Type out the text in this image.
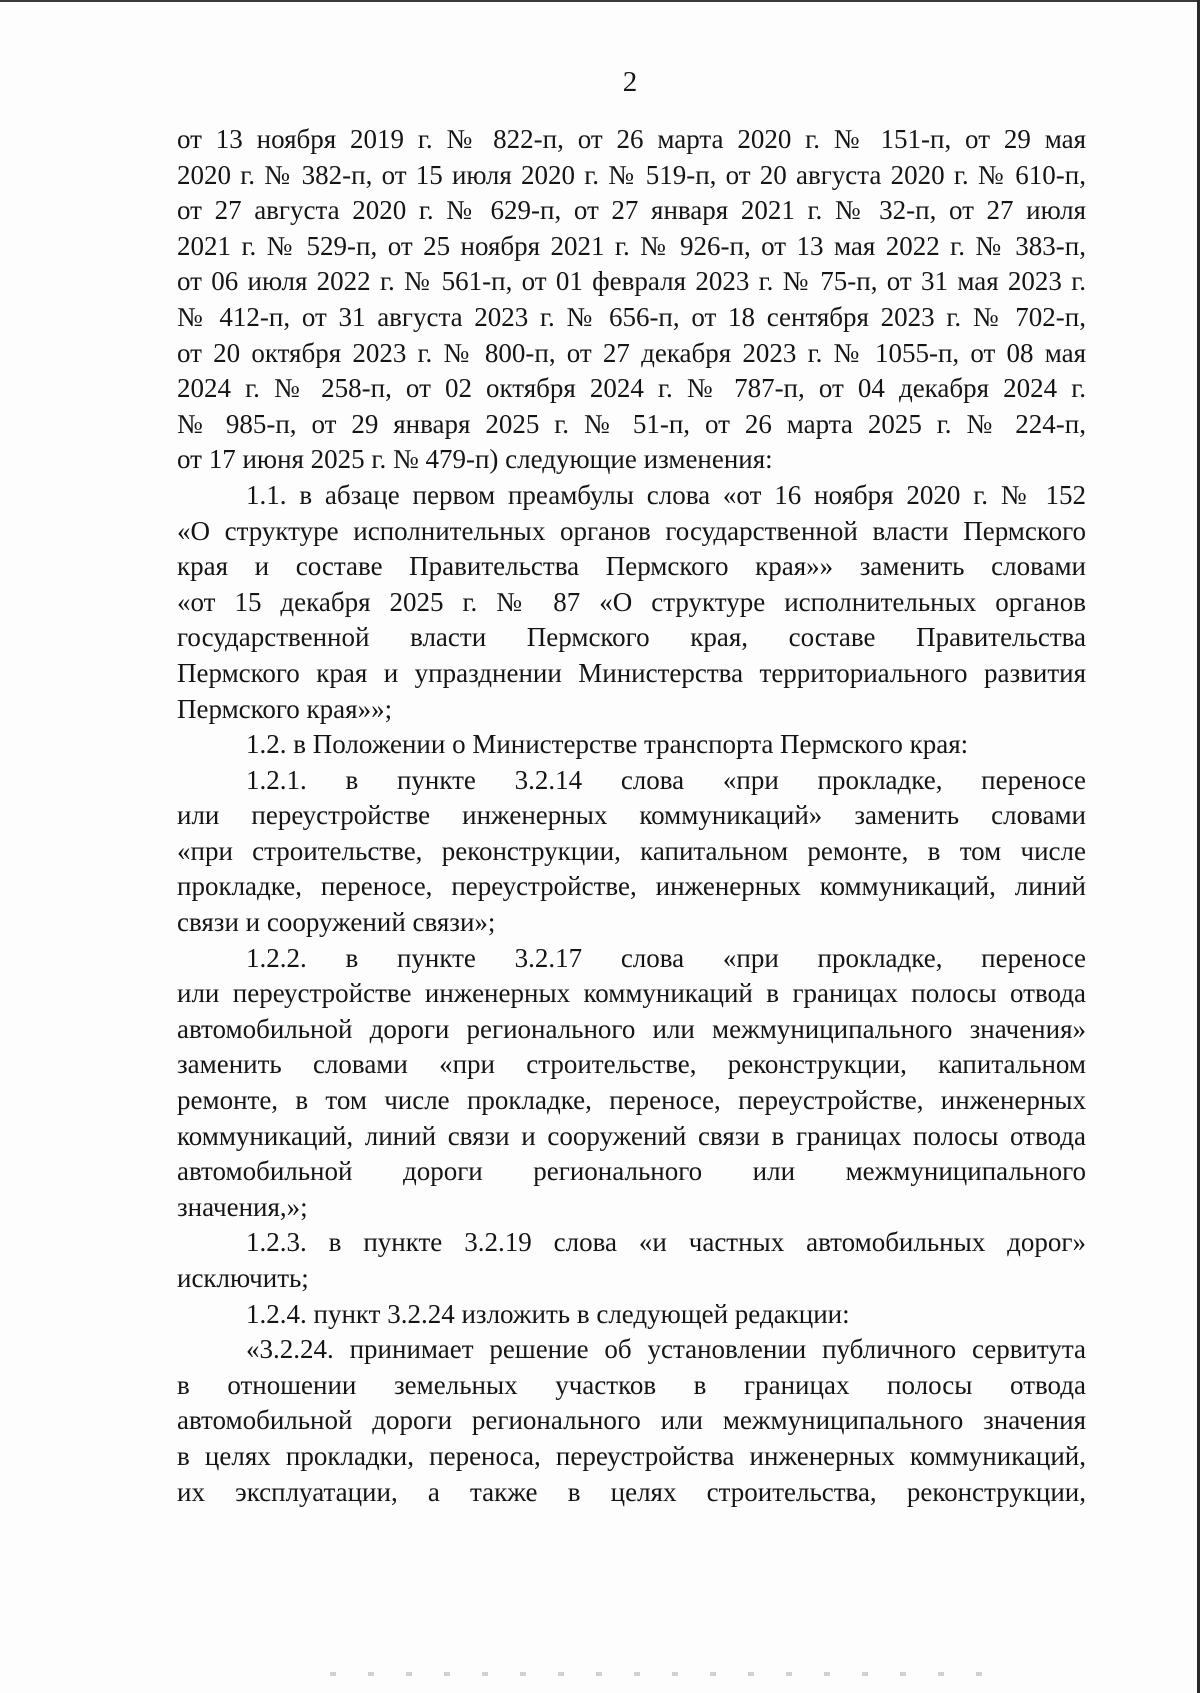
2
от 13 ноября 2019 г. № 822-п, от 26 марта 2020 г. № 151-п, от 29 мая
2020 г. № 382-п, от 15 июля 2020 г. № 519-п, от 20 августа 2020 г. № 610-п,
от 27 августа 2020 г. № 629-п, от 27 января 2021 г. № 32-п, от 27 июля
2021 г. № 529-п, от 25 ноября 2021 г. № 926-п, от 13 мая 2022 г. № 383-п,
от 06 июля 2022 г. № 561-п, от 01 февраля 2023 г. № 75-п, от 31 мая 2023 г.
№ 412-п, от 31 августа 2023 г. № 656-п, от 18 сентября 2023 г. № 702-п,
от 20 октября 2023 г. № 800-п, от 27 декабря 2023 г. № 1055-п, от 08 мая
2024 г. № 258-п, от 02 октября 2024 г. № 787-п, от 04 декабря 2024 г.
№ 985-п, от 29 января 2025 г. № 51-п, от 26 марта 2025 г. № 224-п,
от 17 июня 2025 г. № 479-п) следующие изменения:
1.1. в абзаце первом преамбулы слова «от 16 ноября 2020 г. № 152
«О структуре исполнительных органов государственной власти Пермского
края и составе Правительства Пермского края»» заменить словами
«от 15 декабря 2025 г. № 87 «О структуре исполнительных органов
государственной власти Пермского края, составе Правительства
Пермского края и упразднении Министерства территориального развития
Пермского края»»;
1.2. в Положении о Министерстве транспорта Пермского края:
1.2.1. в пункте 3.2.14 слова «при прокладке, переносе
или переустройстве инженерных коммуникаций» заменить словами
«при строительстве, реконструкции, капитальном ремонте, в том числе
прокладке, переносе, переустройстве, инженерных коммуникаций, линий
связи и сооружений связи»;
1.2.2. в пункте 3.2.17 слова «при прокладке, переносе
или переустройстве инженерных коммуникаций в границах полосы отвода
автомобильной дороги регионального или межмуниципального значения»
заменить словами «при строительстве, реконструкции, капитальном
ремонте, в том числе прокладке, переносе, переустройстве, инженерных
коммуникаций, линий связи и сооружений связи в границах полосы отвода
автомобильной дороги регионального или межмуниципального
значения,»;
1.2.3. в пункте 3.2.19 слова «и частных автомобильных дорог»
исключить;
1.2.4. пункт 3.2.24 изложить в следующей редакции:
«3.2.24. принимает решение об установлении публичного сервитута
в отношении земельных участков в границах полосы отвода
автомобильной дороги регионального или межмуниципального значения
в целях прокладки, переноса, переустройства инженерных коммуникаций,
их эксплуатации, а также в целях строительства, реконструкции,
